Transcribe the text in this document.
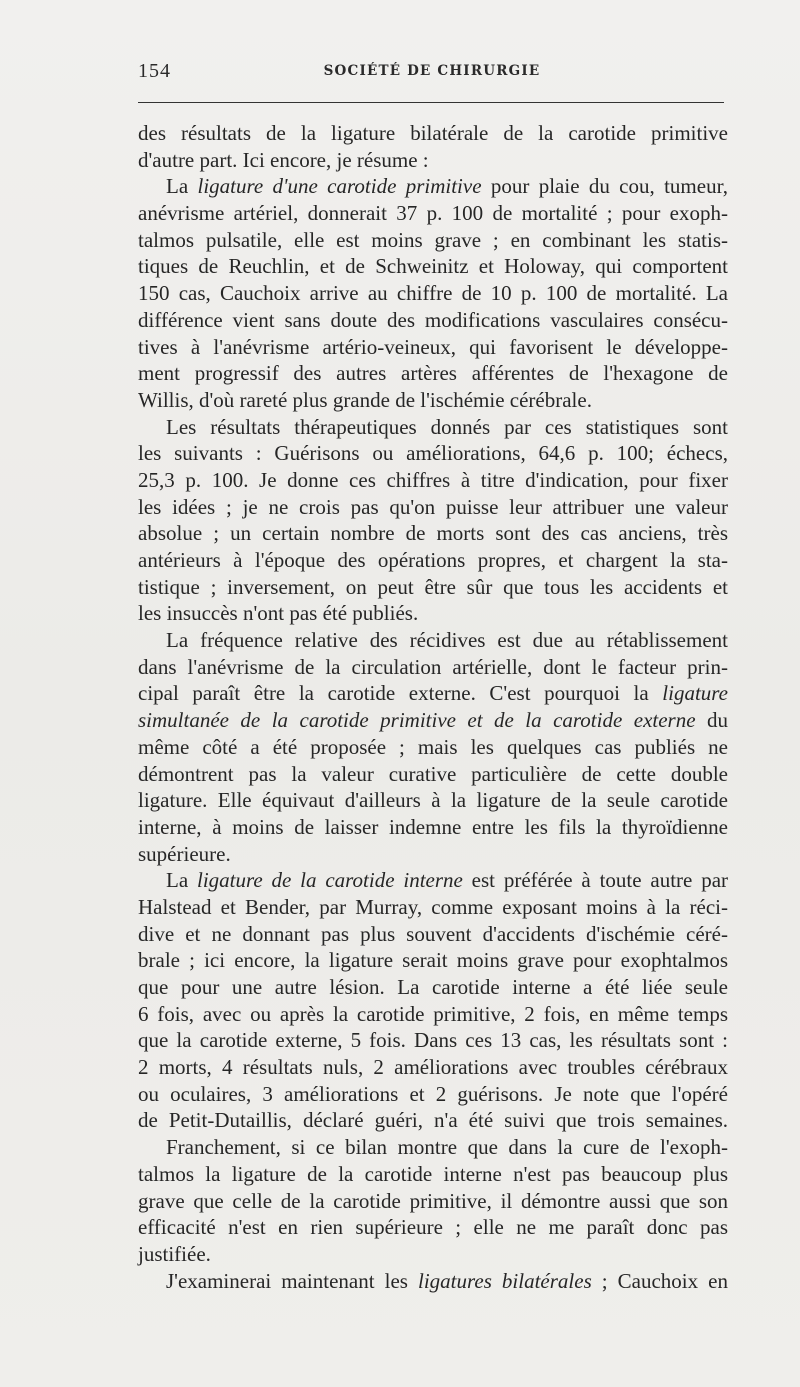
154	SOCIÉTÉ DE CHIRURGIE
des résultats de la ligature bilatérale de la carotide primitive
d'autre part. Ici encore, je résume :
La ligature d'une carotide primitive pour plaie du cou, tumeur,
anévrisme artériel, donnerait 37 p. 100 de mortalité ; pour exoph-
talmos pulsatile, elle est moins grave ; en combinant les statis-
tiques de Reuchlin, et de Schweinitz et Holoway, qui comportent
150 cas, Cauchoix arrive au chiffre de 10 p. 100 de mortalité. La
différence vient sans doute des modifications vasculaires consécu-
tives à l'anévrisme artério-veineux, qui favorisent le développe-
ment progressif des autres artères afférentes de l'hexagone de
Willis, d'où rareté plus grande de l'ischémie cérébrale.
Les résultats thérapeutiques donnés par ces statistiques sont
les suivants : Guérisons ou améliorations, 64,6 p. 100; échecs,
25,3 p. 100. Je donne ces chiffres à titre d'indication, pour fixer
les idées ; je ne crois pas qu'on puisse leur attribuer une valeur
absolue ; un certain nombre de morts sont des cas anciens, très
antérieurs à l'époque des opérations propres, et chargent la sta-
tistique ; inversement, on peut être sûr que tous les accidents et
les insuccès n'ont pas été publiés.
La fréquence relative des récidives est due au rétablissement
dans l'anévrisme de la circulation artérielle, dont le facteur prin-
cipal paraît être la carotide externe. C'est pourquoi la ligature
simultanée de la carotide primitive et de la carotide externe du
même côté a été proposée ; mais les quelques cas publiés ne
démontrent pas la valeur curative particulière de cette double
ligature. Elle équivaut d'ailleurs à la ligature de la seule carotide
interne, à moins de laisser indemne entre les fils la thyroïdienne
supérieure.
La ligature de la carotide interne est préférée à toute autre par
Halstead et Bender, par Murray, comme exposant moins à la réci-
dive et ne donnant pas plus souvent d'accidents d'ischémie céré-
brale ; ici encore, la ligature serait moins grave pour exophtalmos
que pour une autre lésion. La carotide interne a été liée seule
6 fois, avec ou après la carotide primitive, 2 fois, en même temps
que la carotide externe, 5 fois. Dans ces 13 cas, les résultats sont :
2 morts, 4 résultats nuls, 2 améliorations avec troubles cérébraux
ou oculaires, 3 améliorations et 2 guérisons. Je note que l'opéré
de Petit-Dutaillis, déclaré guéri, n'a été suivi que trois semaines.
Franchement, si ce bilan montre que dans la cure de l'exoph-
talmos la ligature de la carotide interne n'est pas beaucoup plus
grave que celle de la carotide primitive, il démontre aussi que son
efficacité n'est en rien supérieure ; elle ne me paraît donc pas
justifiée.
J'examinerai maintenant les ligatures bilatérales ; Cauchoix en
